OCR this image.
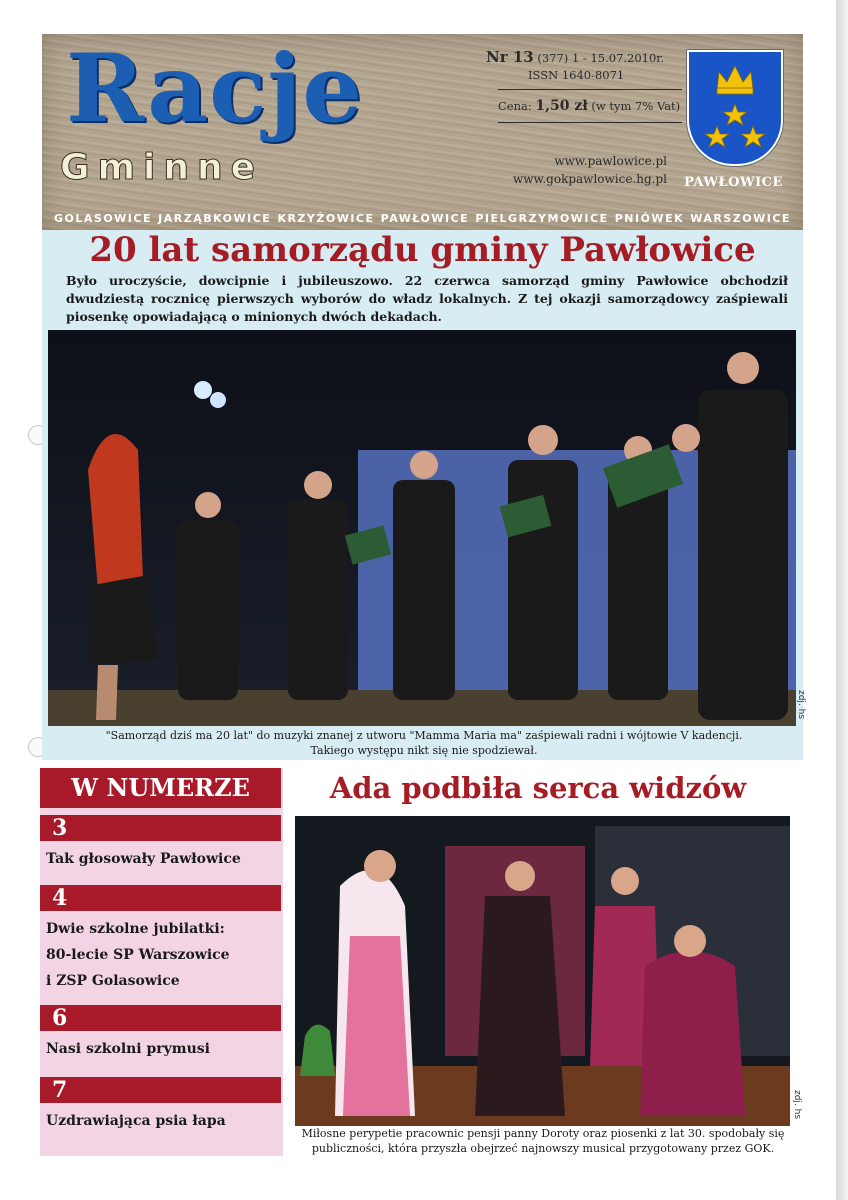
Racje
Gminne
Nr 13 (377) 1 - 15.07.2010r.
ISSN 1640-8071
Cena: 1,50 zł (w tym 7% Vat)
www.pawlowice.pl
www.gokpawlowice.hg.pl	PAWŁOWICE
GOLASOWICE JARZĄBKOWICE KRZYŻOWICE PAWŁOWICE PIELGRZYMOWICE PNIÓWEK WARSZOWICE
20 lat samorządu gminy Pawłowice
Było uroczyście, dowcipnie i jubileuszowo. 22 czerwca samorząd gminy Pawłowice obchodził dwudziestą rocznicę pierwszych wyborów do władz lokalnych. Z tej okazji samorządowcy zaśpiewali piosenkę opowiadającą o minionych dwóch dekadach.
zdj. hs
"Samorząd dziś ma 20 lat" do muzyki znanej z utworu "Mamma Maria ma" zaśpiewali radni i wójtowie V kadencji.
Takiego występu nikt się nie spodziewał.
W NUMERZE
3
Tak głosowały Pawłowice
4
Dwie szkolne jubilatki:
80-lecie SP Warszowice
i ZSP Golasowice
6
Nasi szkolni prymusi
7
Uzdrawiająca psia łapa
Ada podbiła serca widzów
zdj. hs
Miłosne perypetie pracownic pensji panny Doroty oraz piosenki z lat 30. spodobały się
publiczności, która przyszła obejrzeć najnowszy musical przygotowany przez GOK.
